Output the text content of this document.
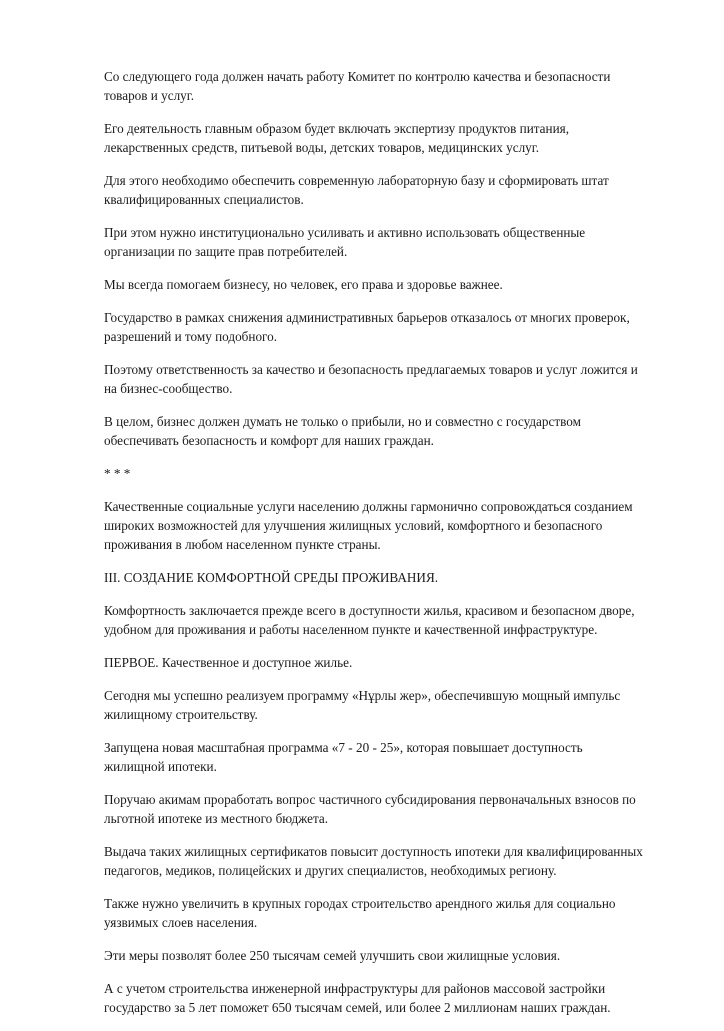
Со следующего года должен начать работу Комитет по контролю качества и безопасности товаров и услуг.

Его деятельность главным образом будет включать экспертизу продуктов питания, лекарственных средств, питьевой воды, детских товаров, медицинских услуг.

Для этого необходимо обеспечить современную лабораторную базу и сформировать штат квалифицированных специалистов.

При этом нужно институционально усиливать и активно использовать общественные организации по защите прав потребителей.

Мы всегда помогаем бизнесу, но человек, его права и здоровье важнее.

Государство в рамках снижения административных барьеров отказалось от многих проверок, разрешений и тому подобного.

Поэтому ответственность за качество и безопасность предлагаемых товаров и услуг ложится и на бизнес-сообщество.

В целом, бизнес должен думать не только о прибыли, но и совместно с государством обеспечивать безопасность и комфорт для наших граждан.

* * *

Качественные социальные услуги населению должны гармонично сопровождаться созданием широких возможностей для улучшения жилищных условий, комфортного и безопасного проживания в любом населенном пункте страны.

III. СОЗДАНИЕ КОМФОРТНОЙ СРЕДЫ ПРОЖИВАНИЯ.

Комфортность заключается прежде всего в доступности жилья, красивом и безопасном дворе, удобном для проживания и работы населенном пункте и качественной инфраструктуре.

ПЕРВОЕ. Качественное и доступное жилье.

Сегодня мы успешно реализуем программу «Нұрлы жер», обеспечившую мощный импульс жилищному строительству.

Запущена новая масштабная программа «7 - 20 - 25», которая повышает доступность жилищной ипотеки.

Поручаю акимам проработать вопрос частичного субсидирования первоначальных взносов по льготной ипотеке из местного бюджета.

Выдача таких жилищных сертификатов повысит доступность ипотеки для квалифицированных педагогов, медиков, полицейских и других специалистов, необходимых региону.

Также нужно увеличить в крупных городах строительство арендного жилья для социально уязвимых слоев населения.

Эти меры позволят более 250 тысячам семей улучшить свои жилищные условия.

А с учетом строительства инженерной инфраструктуры для районов массовой застройки государство за 5 лет поможет 650 тысячам семей, или более 2 миллионам наших граждан.
